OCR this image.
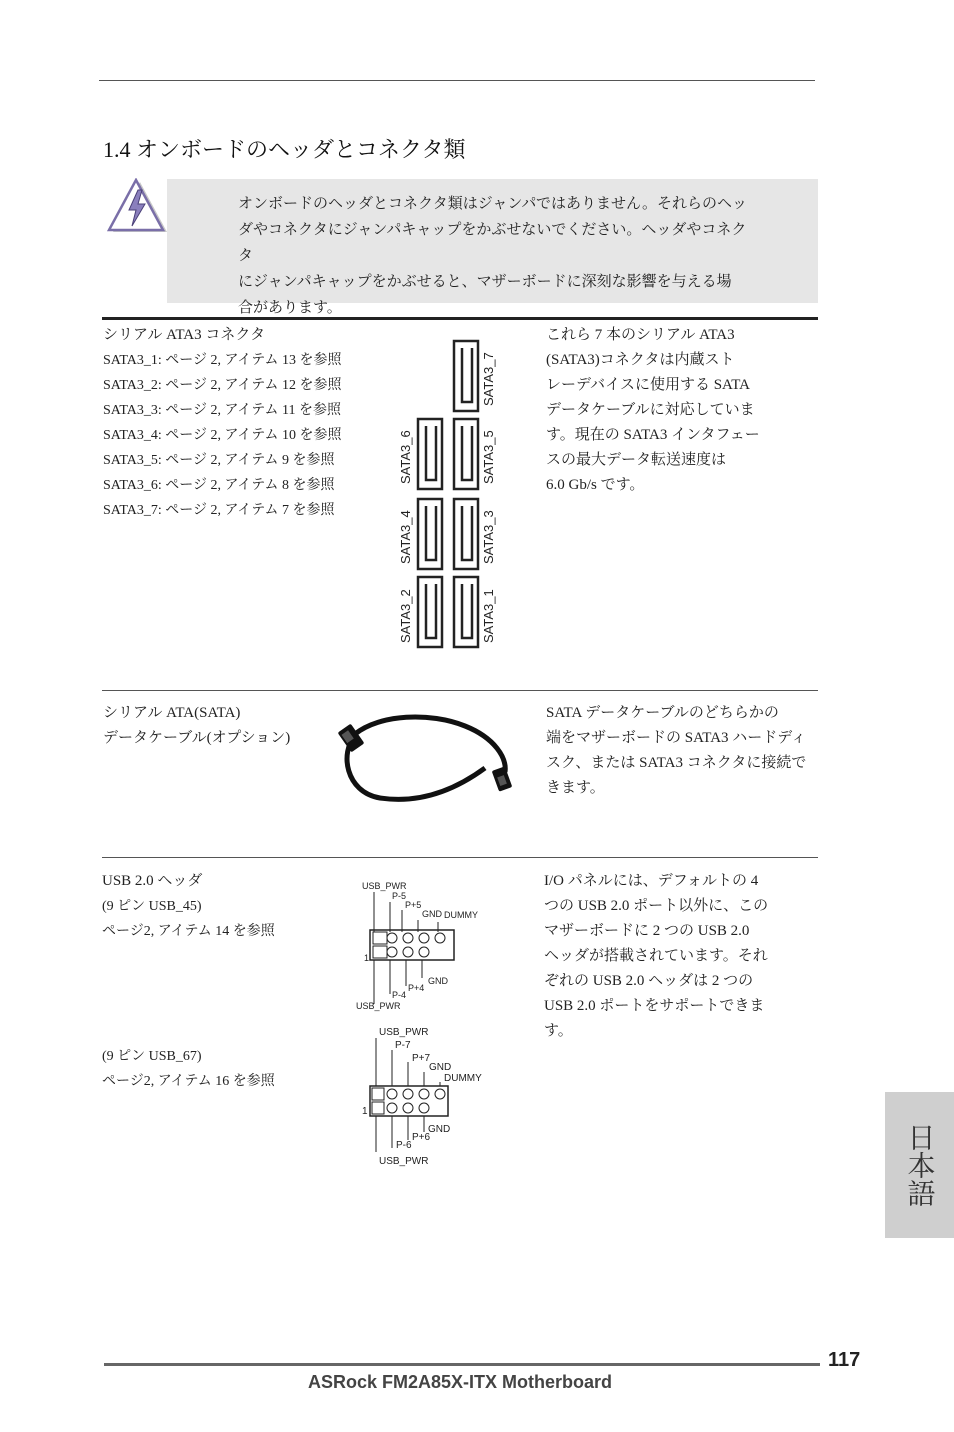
1.4 オンボードのヘッダとコネクタ類
オンボードのヘッダとコネクタ類はジャンパではありません。それらのヘッ
ダやコネクタにジャンパキャップをかぶせないでください。ヘッダやコネクタ
にジャンパキャップをかぶせると、マザーボードに深刻な影響を与える場
合があります。
シリアル ATA3 コネクタ
SATA3_1: ページ 2, アイテム 13 を参照
SATA3_2: ページ 2, アイテム 12 を参照
SATA3_3: ページ 2, アイテム 11 を参照
SATA3_4: ページ 2, アイテム 10 を参照
SATA3_5: ページ 2, アイテム 9 を参照
SATA3_6: ページ 2, アイテム 8 を参照
SATA3_7: ページ 2, アイテム 7 を参照
SATA3_7
SATA3_5
SATA3_3
SATA3_1
SATA3_6
SATA3_4
SATA3_2
これら 7 本のシリアル ATA3
(SATA3)コネクタは内蔵スト
レーデバイスに使用する SATA
データケーブルに対応していま
す。現在の SATA3 インタフェー
スの最大データ転送速度は
6.0 Gb/s です。
シリアル ATA(SATA)
データケーブル(オプション)
SATA データケーブルのどちらかの
端をマザーボードの SATA3 ハードディ
スク、または SATA3 コネクタに接続で
きます。
USB 2.0 ヘッダ
(9 ピン USB_45)
ページ2, アイテム 14 を参照
(9 ピン USB_67)
ページ2, アイテム 16 を参照
USB_PWR
P-5
P+5
GND DUMMY
1
GND
P+4
P-4
USB_PWR
USB_PWR
P-7
P+7
GND
DUMMY
1
GND
P+6
P-6
USB_PWR
I/O パネルには、デフォルトの 4
つの USB 2.0 ポート以外に、この
マザーボードに 2 つの USB 2.0
ヘッダが搭載されています。それ
ぞれの USB 2.0 ヘッダは 2 つの
USB 2.0 ポートをサポートできま
す。
日本語
117
ASRock FM2A85X-ITX Motherboard
